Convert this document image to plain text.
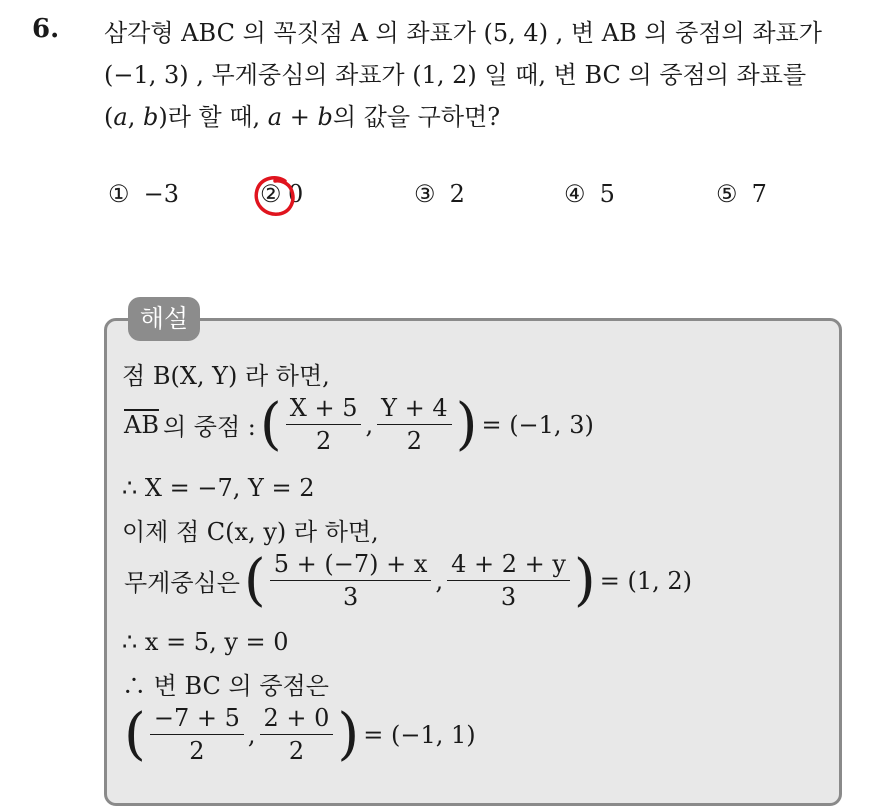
6. 삼각형 ABC 의 꼭짓점 A 의 좌표가 (5, 4) , 변 AB 의 중점의 좌표가
(−1, 3) , 무게중심의 좌표가 (1, 2) 일 때, 변 BC 의 중점의 좌표를
(a, b)라 할 때, a + b의 값을 구하면?
① −3	② 0	③ 2	④ 5	⑤ 7
해설
점 B(X, Y) 라 하면,
$\overline{AB}$ 의 중점 : ( $\frac{X + 5}{2}$ , $\frac{Y + 4}{2}$ ) = (−1, 3)
∴ X = −7, Y = 2
이제 점 C(x, y) 라 하면,
무게중심은 ( $\frac{5 + (-7) + x}{3}$ , $\frac{4 + 2 + y}{3}$ ) = (1, 2)
∴ x = 5, y = 0
∴ 변 BC 의 중점은
( $\frac{-7 + 5}{2}$ , $\frac{2 + 0}{2}$ ) = (−1, 1)
